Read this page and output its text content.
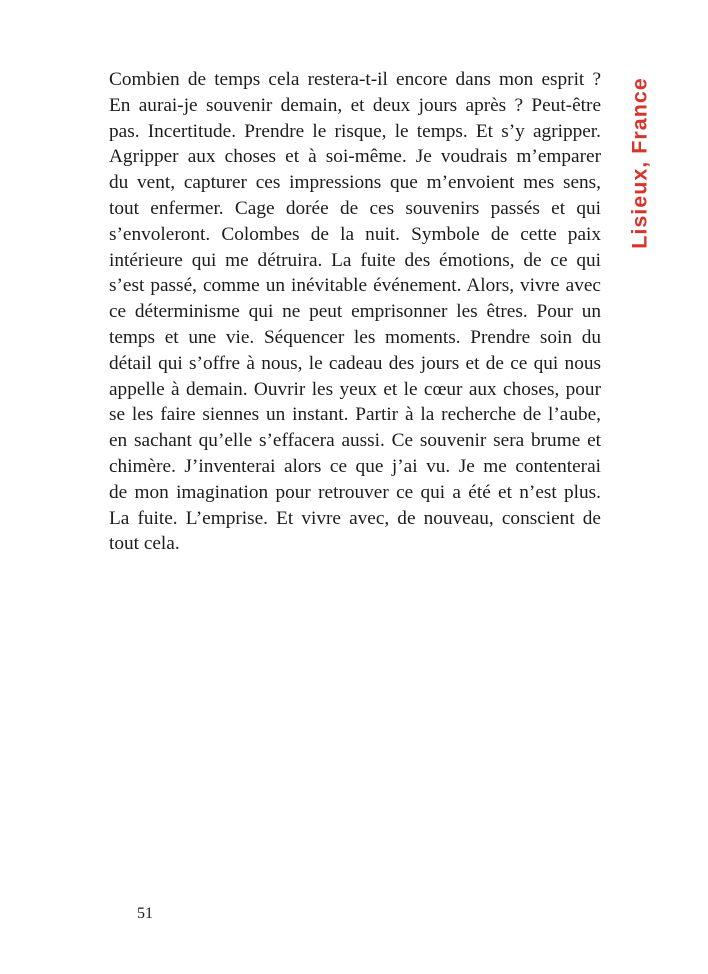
Lisieux, France
Combien de temps cela restera-t-il encore dans mon esprit ?
En aurai-je souvenir demain, et deux jours après ? Peut-être
pas. Incertitude. Prendre le risque, le temps. Et s’y agripper.
Agripper aux choses et à soi-même. Je voudrais m’emparer
du vent, capturer ces impressions que m’envoient mes sens,
tout enfermer. Cage dorée de ces souvenirs passés et qui
s’envoleront. Colombes de la nuit. Symbole de cette paix
intérieure qui me détruira. La fuite des émotions, de ce qui
s’est passé, comme un inévitable événement. Alors, vivre avec
ce déterminisme qui ne peut emprisonner les êtres. Pour un
temps et une vie. Séquencer les moments. Prendre soin du
détail qui s’offre à nous, le cadeau des jours et de ce qui nous
appelle à demain. Ouvrir les yeux et le cœur aux choses, pour
se les faire siennes un instant. Partir à la recherche de l’aube,
en sachant qu’elle s’effacera aussi. Ce souvenir sera brume et
chimère. J’inventerai alors ce que j’ai vu. Je me contenterai
de mon imagination pour retrouver ce qui a été et n’est plus.
La fuite. L’emprise. Et vivre avec, de nouveau, conscient de
tout cela.
51
